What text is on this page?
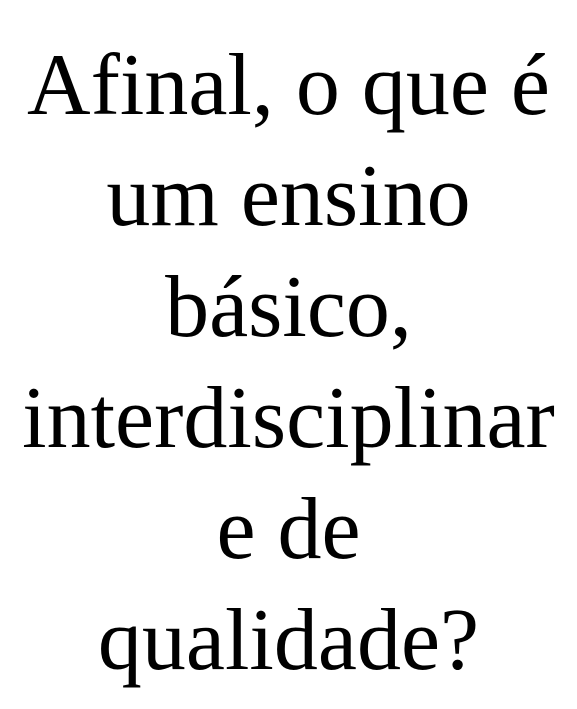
Afinal, o que é
um ensino
básico,
interdisciplinar
e de
qualidade?
